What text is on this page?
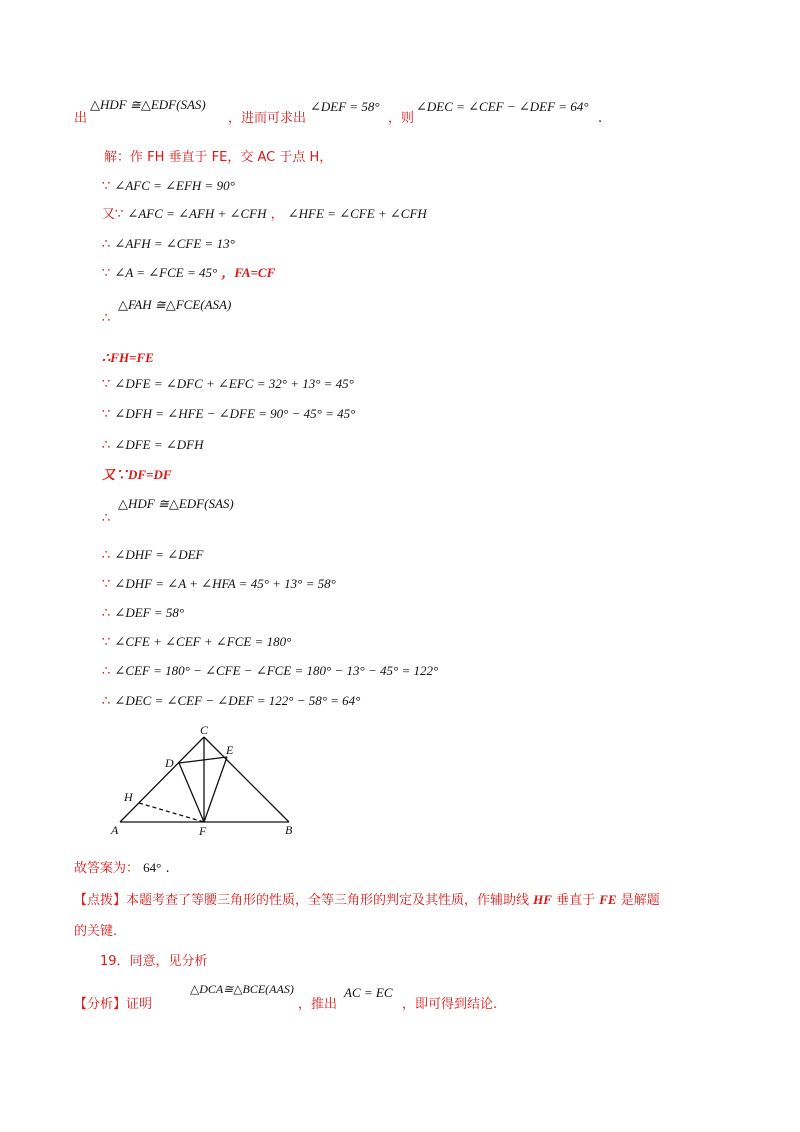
出
△HDF ≅△EDF(SAS)
，进而可求出
∠DEF = 58°
，则
∠DEC = ∠CEF − ∠DEF = 64°
.
解：作 FH 垂直于 FE，交 AC 于点 H，
∵ ∠AFC = ∠EFH = 90°
又∵ ∠AFC = ∠AFH + ∠CFH ， ∠HFE = ∠CFE + ∠CFH
∴ ∠AFH = ∠CFE = 13°
∵ ∠A = ∠FCE = 45° ，FA=CF
△FAH ≅△FCE(ASA)
∴
∴FH=FE
∵ ∠DFE = ∠DFC + ∠EFC = 32° + 13° = 45°
∵ ∠DFH = ∠HFE − ∠DFE = 90° − 45° = 45°
∴ ∠DFE = ∠DFH
又∵DF=DF
△HDF ≅△EDF(SAS)
∴
∴ ∠DHF = ∠DEF
∵ ∠DHF = ∠A + ∠HFA = 45° + 13° = 58°
∴ ∠DEF = 58°
∵ ∠CFE + ∠CEF + ∠FCE = 180°
∴ ∠CEF = 180° − ∠CFE − ∠FCE = 180° − 13° − 45° = 122°
∴ ∠DEC = ∠CEF − ∠DEF = 122° − 58° = 64°
C
D
E
H
A	F	B
故答案为： 64° .
【点拨】本题考查了等腰三角形的性质，全等三角形的判定及其性质，作辅助线 HF 垂直于 FE 是解题
的关键.
19．同意，见分析
【分析】证明
△DCA≅△BCE(AAS)
，推出
AC = EC
，即可得到结论.
